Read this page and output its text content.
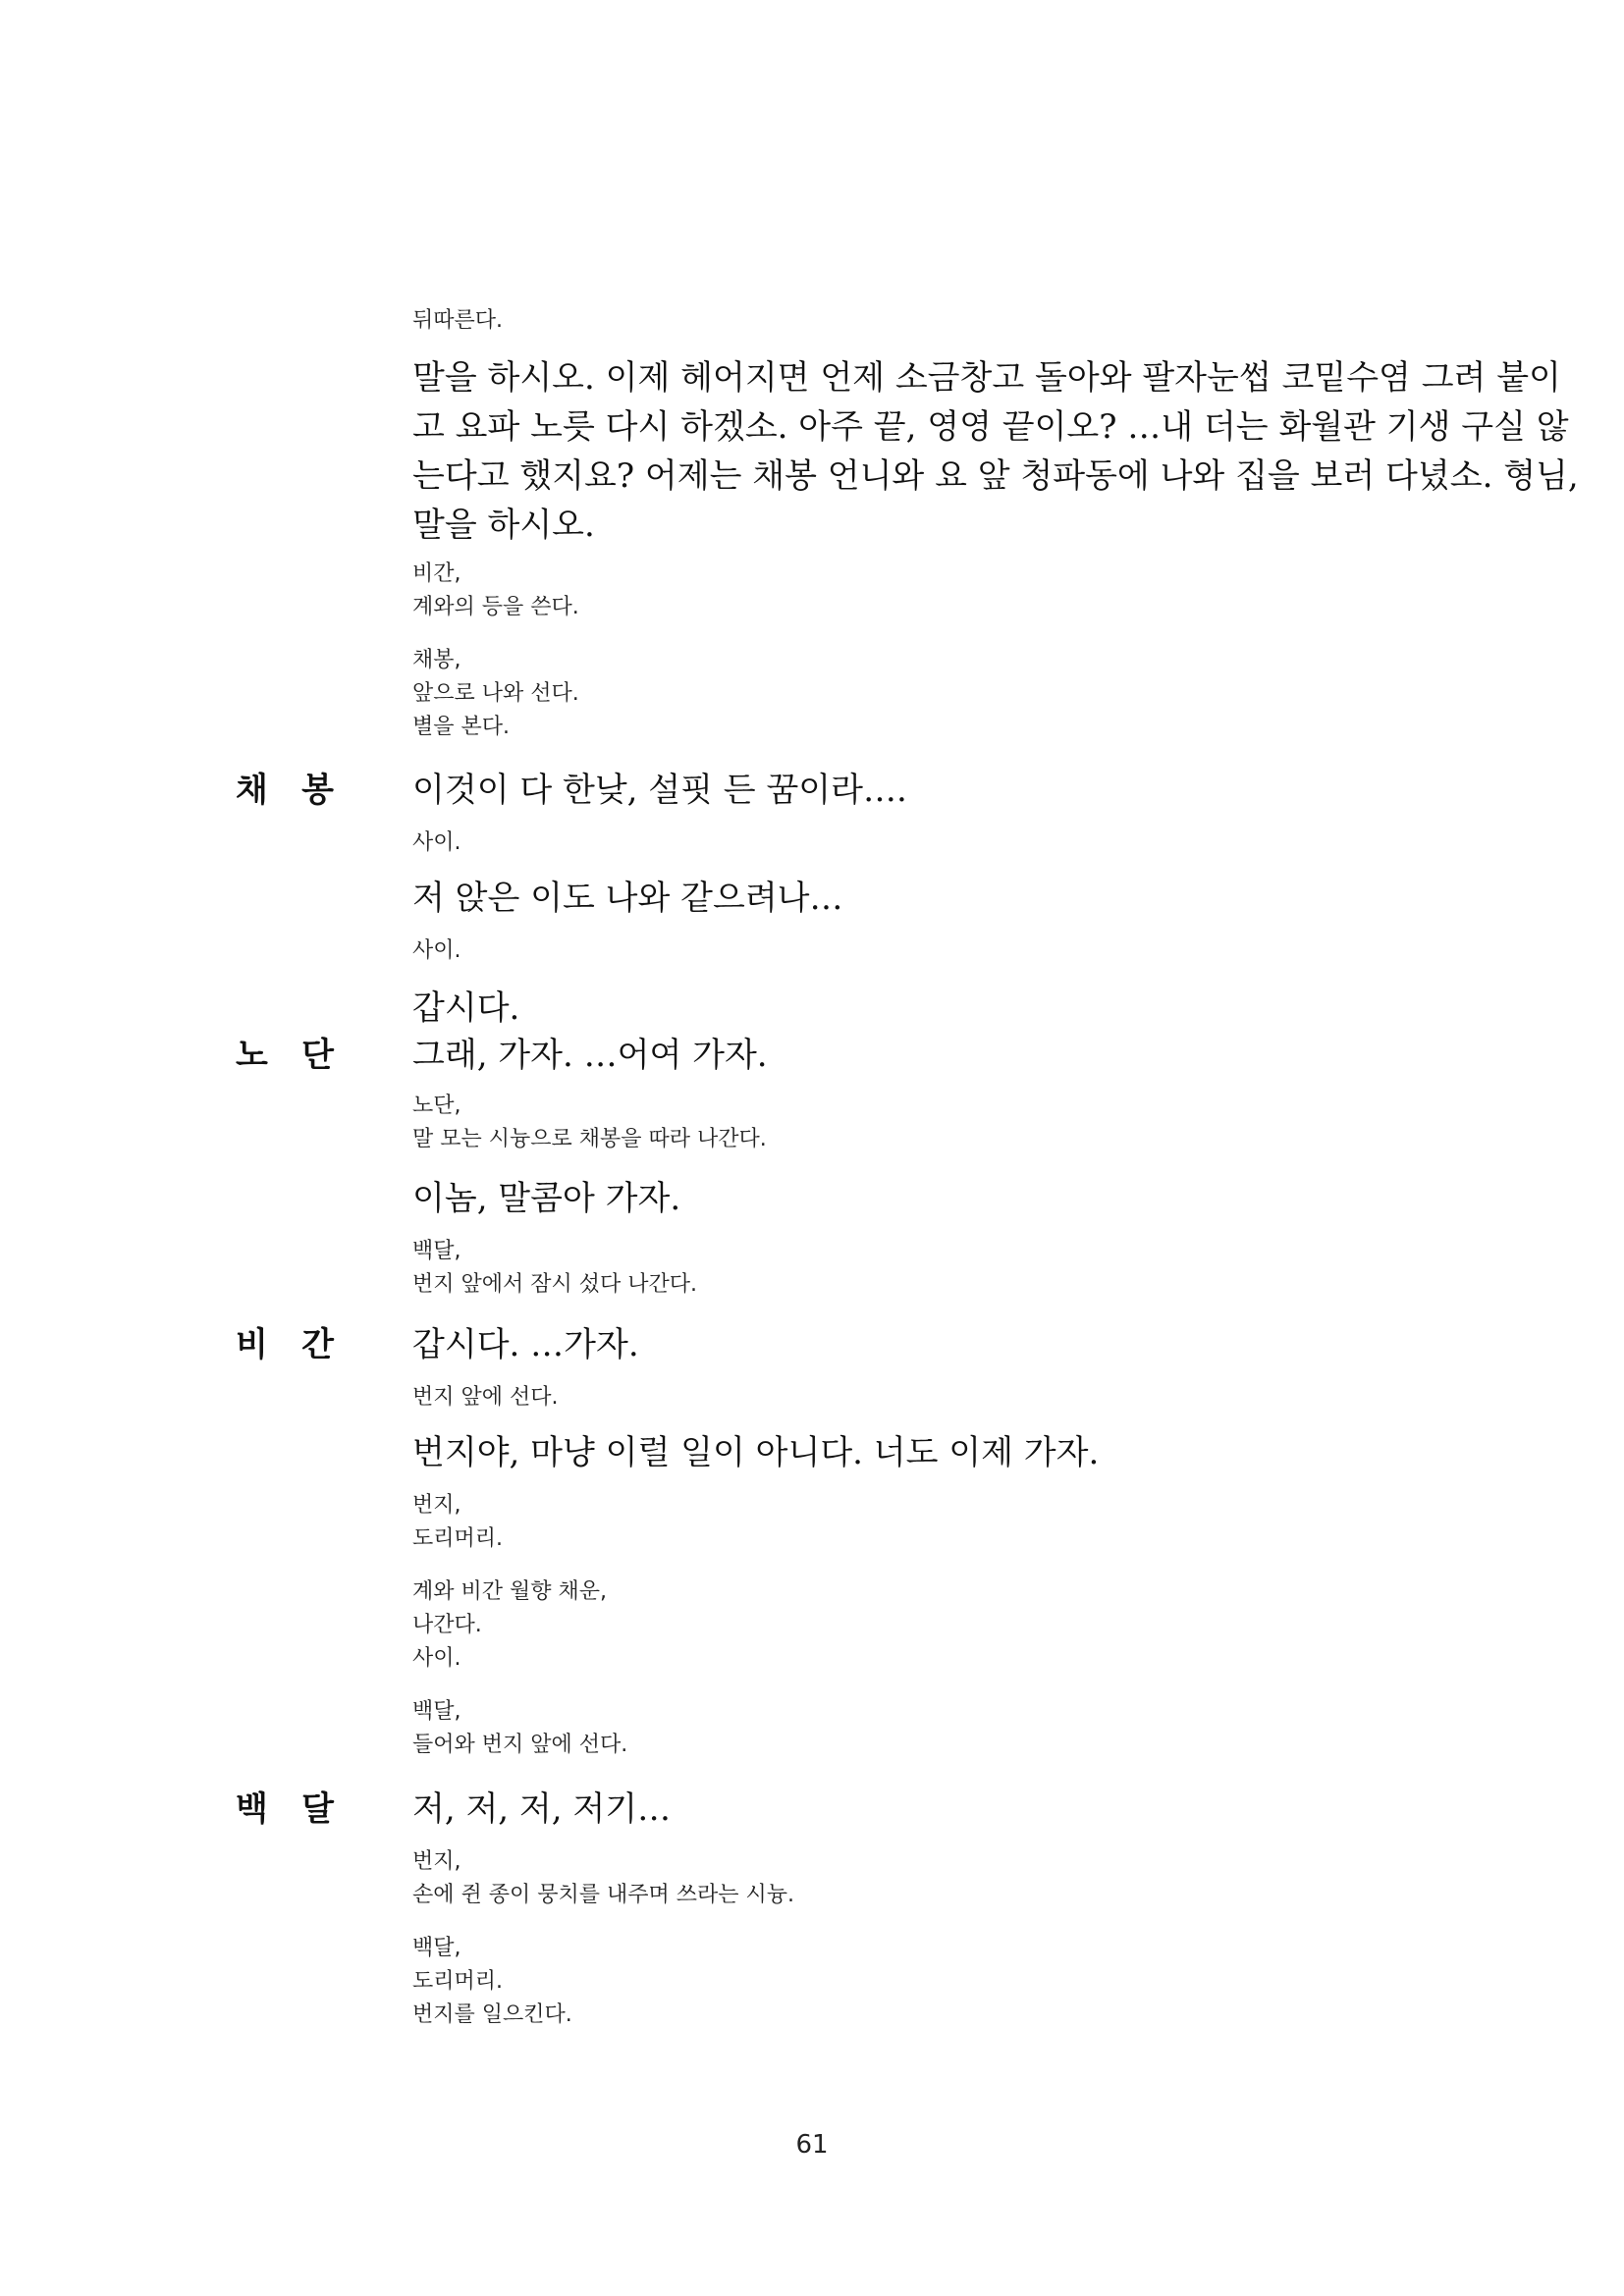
뒤따른다.
말을 하시오. 이제 헤어지면 언제 소금창고 돌아와 팔자눈썹 코밑수염 그려 붙이
고 요파 노릇 다시 하겠소. 아주 끝, 영영 끝이오? …내 더는 화월관 기생 구실 않
는다고 했지요? 어제는 채봉 언니와 요 앞 청파동에 나와 집을 보러 다녔소. 형님,
말을 하시오.
비간,
계와의 등을 쓴다.
채봉,
앞으로 나와 선다.
별을 본다.
채 봉 이것이 다 한낮, 설핏 든 꿈이라….
사이.
저 앉은 이도 나와 같으려나…
사이.
갑시다.
노 단 그래, 가자. …어여 가자.
노단,
말 모는 시늉으로 채봉을 따라 나간다.
이놈, 말콤아 가자.
백달,
번지 앞에서 잠시 섰다 나간다.
비 간 갑시다. …가자.
번지 앞에 선다.
번지야, 마냥 이럴 일이 아니다. 너도 이제 가자.
번지,
도리머리.
계와 비간 월향 채운,
나간다.
사이.
백달,
들어와 번지 앞에 선다.
백 달 저, 저, 저, 저기…
번지,
손에 쥔 종이 뭉치를 내주며 쓰라는 시늉.
백달,
도리머리.
번지를 일으킨다.
61
